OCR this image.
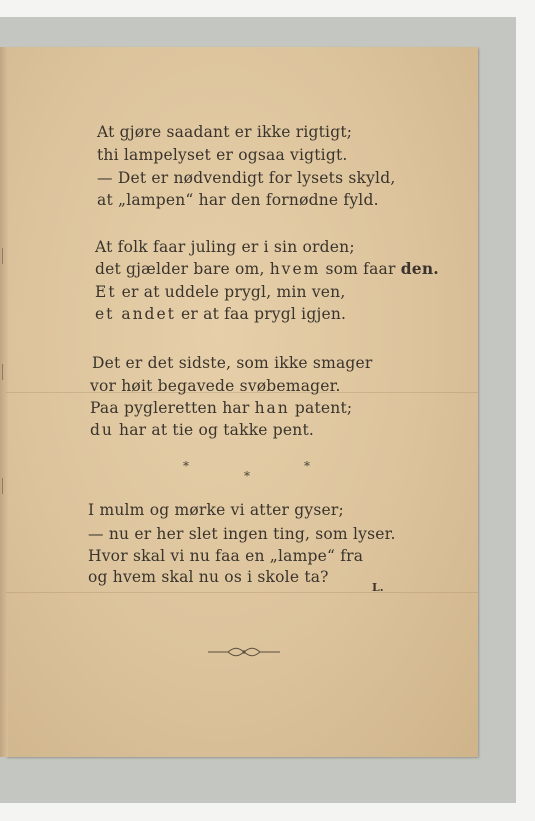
At gjøre saadant er ikke rigtigt;
thi lampelyset er ogsaa vigtigt.
— Det er nødvendigt for lysets skyld,
at „lampen“ har den fornødne fyld.
At folk faar juling er i sin orden;
det gjælder bare om, hvem som faar den.
Et er at uddele prygl, min ven,
et andet er at faa prygl igjen.
Det er det sidste, som ikke smager
vor høit begavede svøbemager.
Paa pygleretten har han patent;
du har at tie og takke pent.
*
*
*
I mulm og mørke vi atter gyser;
— nu er her slet ingen ting, som lyser.
Hvor skal vi nu faa en „lampe“ fra
og hvem skal nu os i skole ta?
L.
